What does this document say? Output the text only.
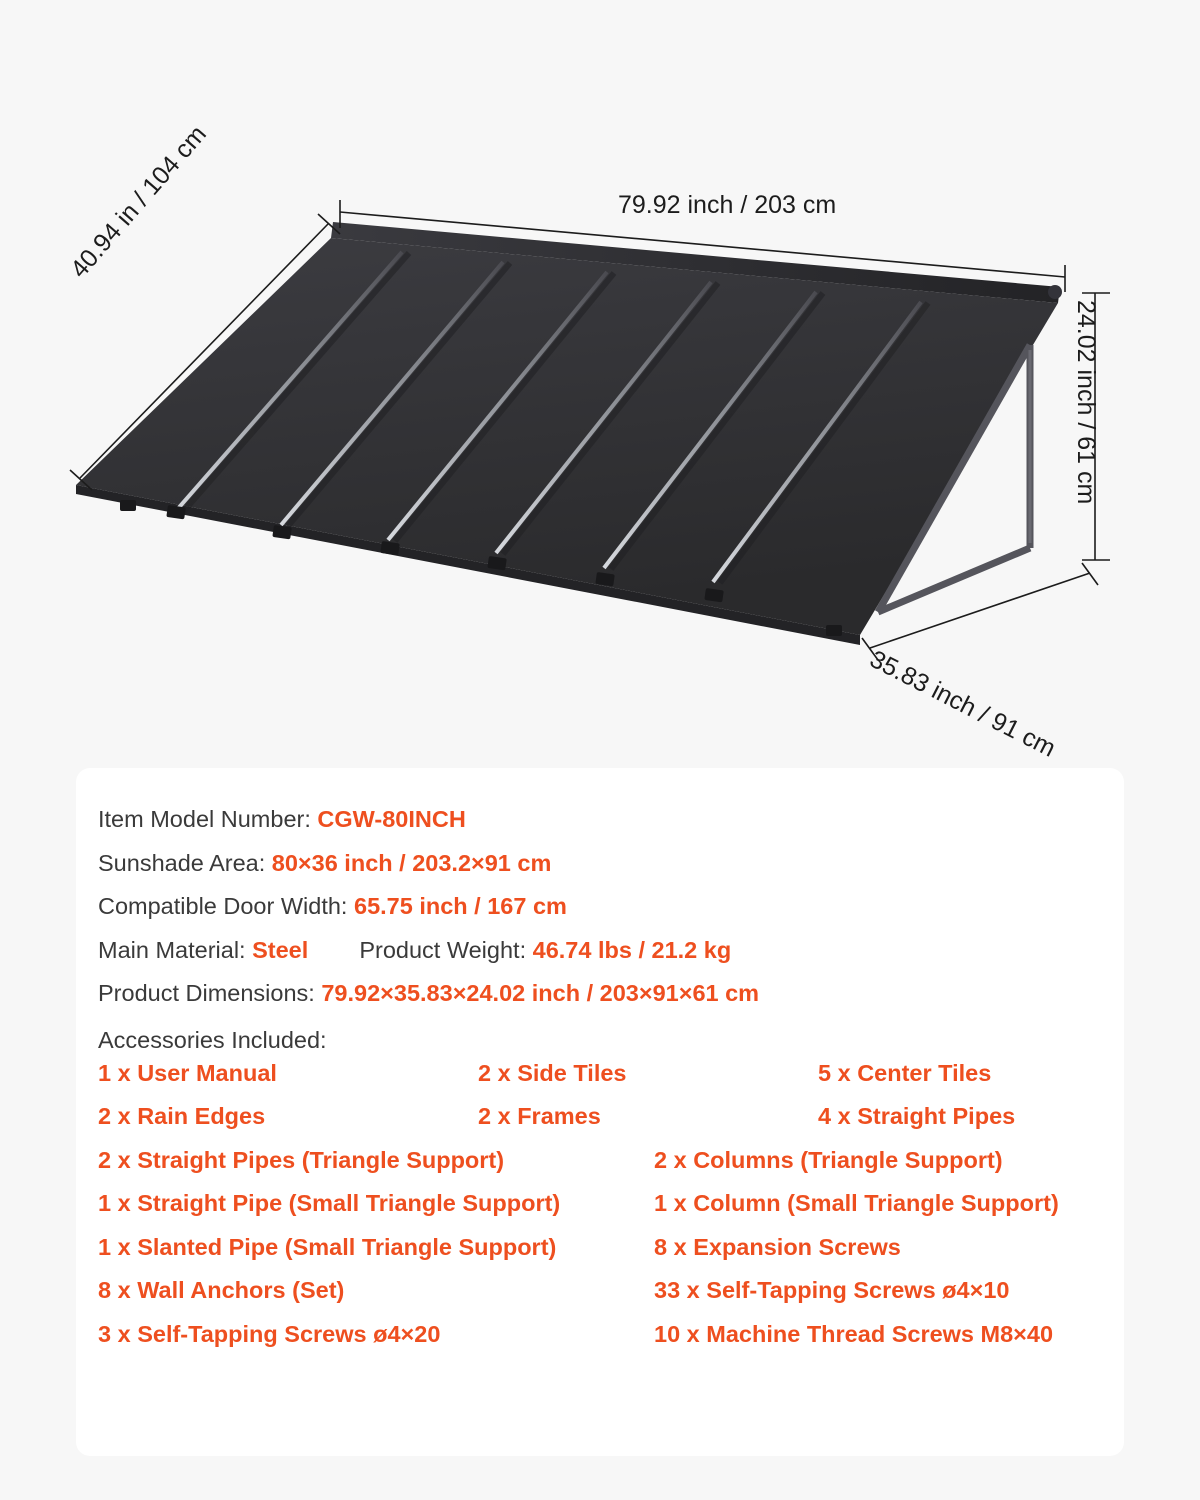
79.92 inch / 203 cm
40.94 in / 104 cm
24.02 inch / 61 cm
35.83 inch / 91 cm
Item Model Number: CGW-80INCH
Sunshade Area: 80×36 inch / 203.2×91 cm
Compatible Door Width: 65.75 inch / 167 cm
Main Material: Steel Product Weight: 46.74 lbs / 21.2 kg
Product Dimensions: 79.92×35.83×24.02 inch / 203×91×61 cm
Accessories Included:
1 x User Manual	2 x Side Tiles	5 x Center Tiles
2 x Rain Edges	2 x Frames	4 x Straight Pipes
2 x Straight Pipes (Triangle Support)	2 x Columns (Triangle Support)
1 x Straight Pipe (Small Triangle Support)	1 x Column (Small Triangle Support)
1 x Slanted Pipe (Small Triangle Support)	8 x Expansion Screws
8 x Wall Anchors (Set)	33 x Self-Tapping Screws ø4×10
3 x Self-Tapping Screws ø4×20	10 x Machine Thread Screws M8×40
